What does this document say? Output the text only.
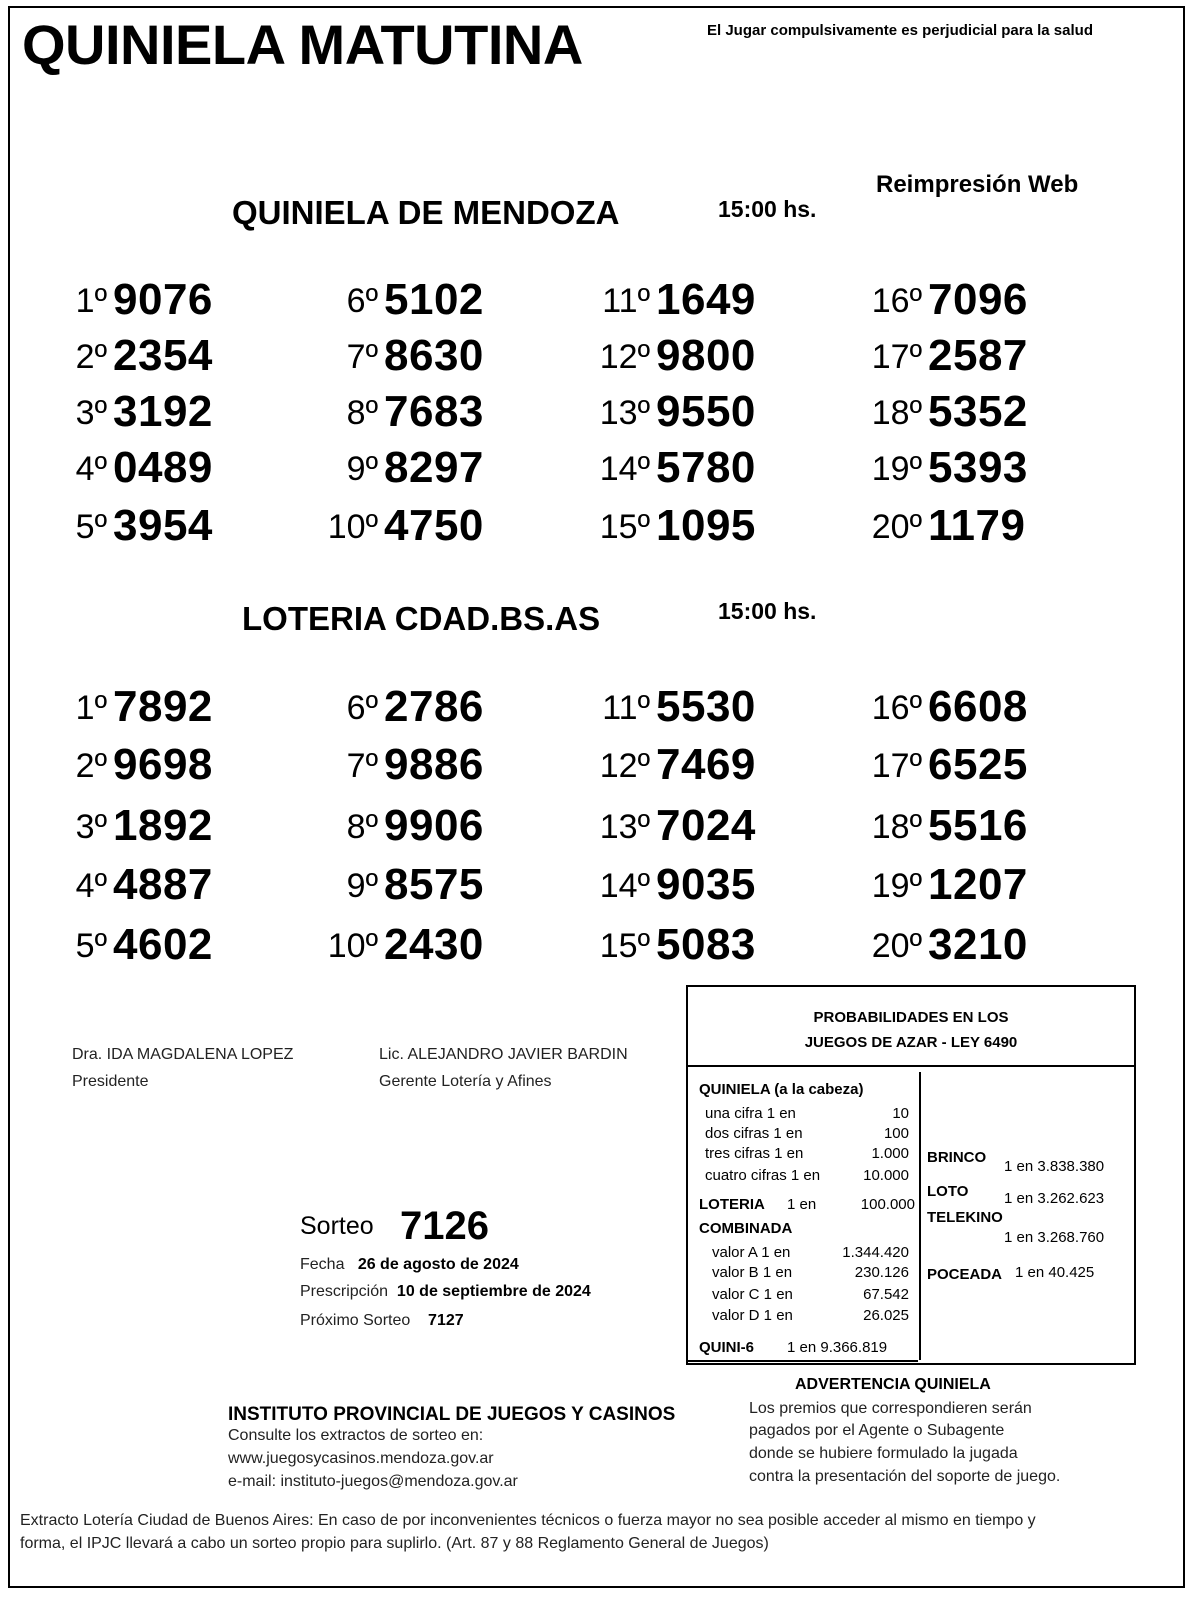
QUINIELA MATUTINA	El Jugar compulsivamente es perjudicial para la salud
Reimpresión Web
QUINIELA DE MENDOZA	15:00 hs.
1º 9076
2º 2354
3º 3192
4º 0489
5º 3954
6º 5102
7º 8630
8º 7683
9º 8297
10º 4750
11º 1649
12º 9800
13º 9550
14º 5780
15º 1095
16º 7096
17º 2587
18º 5352
19º 5393
20º 1179
LOTERIA CDAD.BS.AS	15:00 hs.
1º 7892
2º 9698
3º 1892
4º 4887
5º 4602
6º 2786
7º 9886
8º 9906
9º 8575
10º 2430
11º 5530
12º 7469
13º 7024
14º 9035
15º 5083
16º 6608
17º 6525
18º 5516
19º 1207
20º 3210
Dra. IDA MAGDALENA LOPEZ
Presidente
Lic. ALEJANDRO JAVIER BARDIN
Gerente Lotería y Afines
Sorteo 7126
Fecha 26 de agosto de 2024
Prescripción 10 de septiembre de 2024
Próximo Sorteo 7127
PROBABILIDADES EN LOS
JUEGOS DE AZAR - LEY 6490
QUINIELA (a la cabeza)
una cifra 1 en	10
dos cifras 1 en	100
tres cifras 1 en	1.000
cuatro cifras 1 en	10.000
LOTERIA 1 en	100.000
COMBINADA
valor A 1 en	1.344.420
valor B 1 en	230.126
valor C 1 en	67.542
valor D 1 en	26.025
QUINI-6 1 en 9.366.819
BRINCO
1 en 3.838.380
LOTO 1 en 3.262.623
TELEKINO
1 en 3.268.760
POCEADA 1 en 40.425
INSTITUTO PROVINCIAL DE JUEGOS Y CASINOS
Consulte los extractos de sorteo en:
www.juegosycasinos.mendoza.gov.ar
e-mail: instituto-juegos@mendoza.gov.ar
ADVERTENCIA QUINIELA
Los premios que correspondieren serán
pagados por el Agente o Subagente
donde se hubiere formulado la jugada
contra la presentación del soporte de juego.
Extracto Lotería Ciudad de Buenos Aires: En caso de por inconvenientes técnicos o fuerza mayor no sea posible acceder al mismo en tiempo y
forma, el IPJC llevará a cabo un sorteo propio para suplirlo. (Art. 87 y 88 Reglamento General de Juegos)
